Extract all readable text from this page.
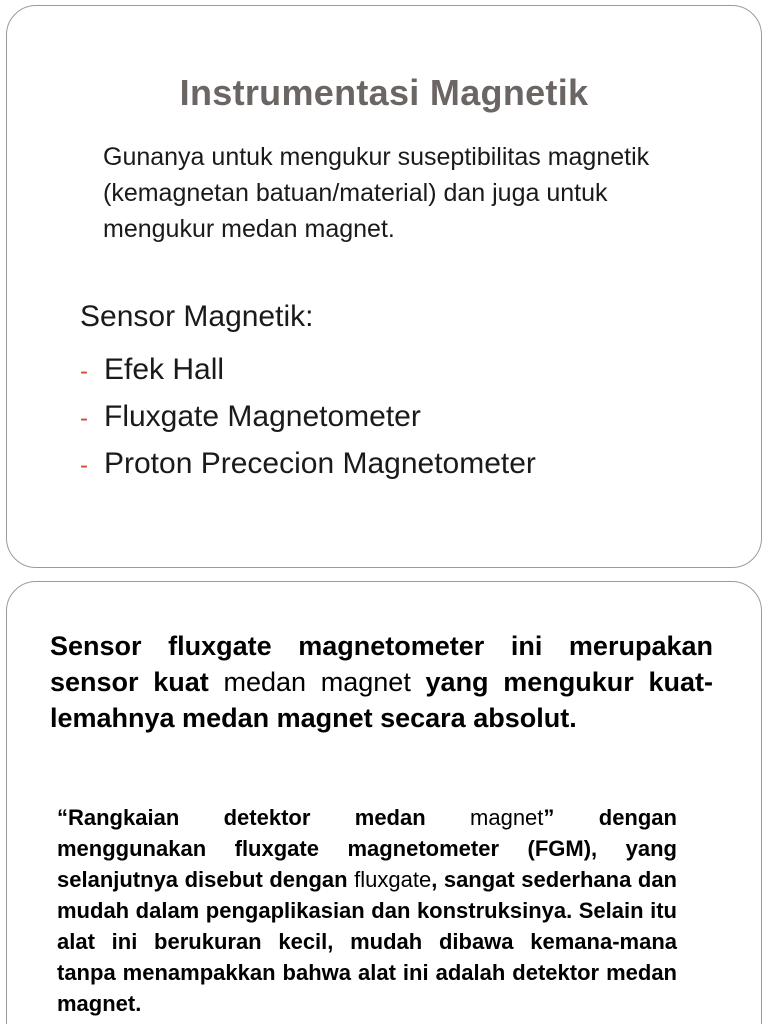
Instrumentasi Magnetik

Gunanya untuk mengukur suseptibilitas magnetik (kemagnetan batuan/material) dan juga untuk mengukur medan magnet.

Sensor Magnetik:

- Efek Hall
- Fluxgate Magnetometer
- Proton Prececion Magnetometer

Sensor fluxgate magnetometer ini merupakan sensor kuat medan magnet yang mengukur kuat-lemahnya medan magnet secara absolut.

“Rangkaian detektor medan magnet” dengan menggunakan fluxgate magnetometer (FGM), yang selanjutnya disebut dengan fluxgate, sangat sederhana dan mudah dalam pengaplikasian dan konstruksinya. Selain itu alat ini berukuran kecil, mudah dibawa kemana-mana tanpa menampakkan bahwa alat ini adalah detektor medan magnet.
